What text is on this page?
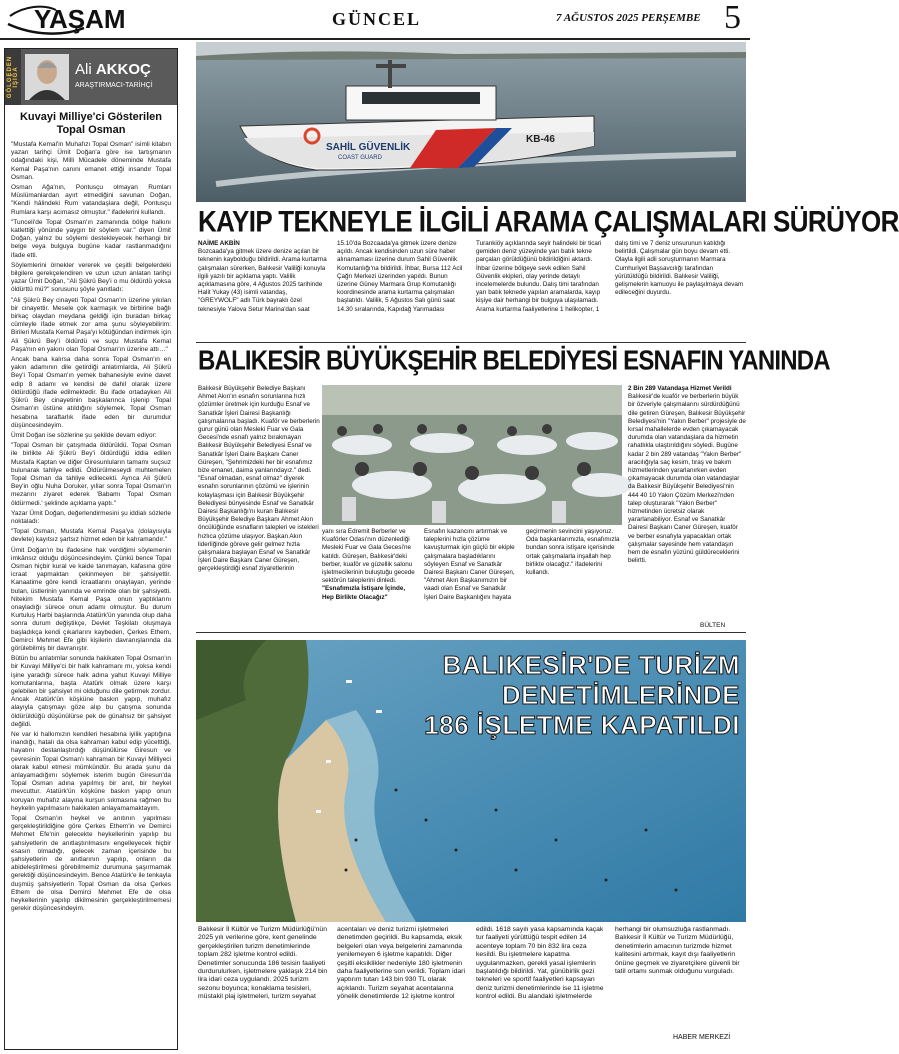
YAŞAM	GÜNCEL	7 AĞUSTOS 2025 PERŞEMBE 5
GÖLGEDEN IŞIĞA	Ali AKKOÇ
ARAŞTIRMACI-TARİHÇİ
Kuvayi Milliye'ci Gösterilen Topal Osman

"Mustafa Kemal'in Muhafızı Topal Osman" isimli kitabın yazarı tarihçi Ümit Doğan'a göre ise tartışmanın odağındaki kişi, Milli Mücadele döneminde Mustafa Kemal Paşa'nın canını emanet ettiği insandır Topal Osman.

Osman Ağa'nın, Pontusçu olmayan Rumları Müslümanlardan ayırt etmediğini savunan Doğan, "Kendi hâlindeki Rum vatandaşlara değil, Pontusçu Rumlara karşı acımasız olmuştur." ifadelerini kullandı.

"Tunceli'de Topal Osman'ın zamanında bölge halkını katlettiği yönünde yaygın bir söylem var." diyen Ümit Doğan, yalnız bu söylemi destekleyecek herhangi bir belge veya bulguya bugüne kadar rastlanmadığını ifade etti.

Söylemlerini örnekler vererek ve çeşitli belgelerdeki bilgilere gerekçelendiren ve uzun uzun anlatan tarihçi yazar Ümit Doğan, "Ali Şükrü Bey'i o mu öldürdü yoksa öldürttü mü?" sorusunu şöyle yanıtladı:

"Ali Şükrü Bey cinayeti Topal Osman'ın üzerine yıkılan bir cinayettir. Mesele çok karmaşık ve birbirine bağlı birkaç olaydan meydana geldiği için buradan birkaç cümleyle ifade etmek zor ama şunu söyleyebilirim: Birileri Mustafa Kemal Paşa'yı kötüğündan indirmek için Ali Şükrü Bey'i öldürdü ve suçu Mustafa Kemal Paşa'nın en yakını olan Topal Osman'ın üzerine attı…"

Ancak bana kalırsa daha sonra Topal Osman'ın en yakın adamının dile getirdiği anlatımlarda, Ali Şükrü Bey'i Topal Osman'ın yemek bahanesiyle evine davet edip 8 adamı ve kendisi de dahil olarak üzere öldürdüğü ifade edilmektedir. Bu ifade ortadayken Ali Şükrü Bey cinayetinin başkalarınca işlenip Topal Osman'ın üstüne atıldığını söylemek, Topal Osman hesabına taraftarlık ifade eden bir durumdur düşüncesindeyim.

Ümit Doğan ise sözlerine şu şekilde devam ediyor:

"Topal Osman bir çatışmada öldürüldü. Topal Osman ile birlikte Ali Şükrü Bey'i öldürdüğü iddia edilen Mustafa Kaptan ve diğer Giresunluların tamamı suçsuz bulunarak tahliye edildi. Öldürülmeseydi muhtemelen Topal Osman da tahliye edilecekti. Ayrıca Ali Şükrü Bey'in oğlu Nuha Doruker, yıllar sonra Topal Osman'ın mezarını ziyaret ederek 'Babamı Topal Osman öldürmedi.' şeklinde açıklama yaptı."

Yazar Ümit Doğan, değerlendirmesini şu iddialı sözlerle noktaladı:

"Topal Osman, Mustafa Kemal Paşa'ya (dolayısıyla devlete) kayıtsız şartsız hizmet eden bir kahramandır."

Ümit Doğan'ın bu ifadesine hak verdiğimi söylemenin imkânsız olduğu düşüncesindeyim. Çünkü bence Topal Osman hiçbir kural ve kaide tanımayan, kafasına göre icraat yapmaktan çekinmeyen bir şahsiyettir. Kanaatime göre kendi icraatlarını onaylayan, yerinde bulan, üstlerinin yanında ve emrinde olan bir şahsiyetti. Nitekim Mustafa Kemal Paşa onun yaptıklarını onayladığı sürece onun adamı olmuştur. Bu durum Kurtuluş Harbi başlarında Atatürk'ün yanında olup daha sonra durum değiştikçe, Devlet Teşkilatı oluşmaya başladıkça kendi çıkarlarını kaybeden, Çerkes Ethem, Demirci Mehmet Efe gibi kişilerin davranışlarında da görülebilmiş bir davranıştır.

Bütün bu anlatımlar sonunda hakikaten Topal Osman'ın bir Kuvayi Milliye'ci bir halk kahramanı mı, yoksa kendi işine yaradığı sürece halk adına yahut Kuvayi Milliye komutanlarına, başta Atatürk olmak üzere karşı gelebilen bir şahsiyet mi olduğunu dile getirmek zordur. Ancak Atatürk'ün köşküne baskın yapıp, muhafız alayıyla çatışmayı göze alıp bu çatışma sonunda öldürüldüğü düşünülürse pek de günahsız bir şahsiyet değildi.

Ne var ki halkımızın kendileri hesabına iyilik yaptığına inandığı, hatalı da olsa kahraman kabul edip yücelttiği, hayatını destanlaştırdığı düşünülürse Giresun ve çevresinin Topal Osman'ı kahraman bir Kuvayi Milliyeci olarak kabul etmesi mümkündür. Bu arada şunu da anlayamadığımı söylemek isterim bugün Giresun'da Topal Osman adına yapılmış bir anıt, bir heykel mevcuttur. Atatürk'ün köşküne baskın yapıp onun koruyan muhafız alayına kurşun sıkmasına rağmen bu heykelin yapılmasını hakikaten anlayamamaktayım.

Topal Osman'ın heykel ve anıtının yapılması gerçekleştirildiğine göre Çerkes Ethem'in ve Demirci Mehmet Efe'nin gelecekte heykellerinin yapılıp bu şahsiyetlerin de anıtlaştırılmasını engelleyecek hiçbir esasın olmadığı, gelecek zaman içerisinde bu şahsiyetlerin de anıtlarının yapılıp, onların da abideleştirilmesi görebilmemiz durumuna şaşırmamak gerektiği düşüncesindeyim. Bence Atatürk'e ile tenkayla duşmüş şahsiyetlerin Topal Osman da olsa Çerkes Ethem de olsa Demirci Mehmet Efe de olsa heykellerinin yapılıp dikilmesinin gerçekleştirilmemesi gerekir düşüncesindeyim.

SAHİL GÜVENLİK
COAST GUARD
KB-46
KAYIP TEKNEYLE İLGİLİ ARAMA ÇALIŞMALARI SÜRÜYOR
NAİME AKBİN
Bozcaada'ya gitmek üzere denize açılan bir teknenin kaybolduğu bildirildi. Arama kurtarma çalışmaları sürerken, Balıkesir Valiliği konuyla ilgili yazılı bir açıklama yaptı. Valilik açıklamasına göre, 4 Ağustos 2025 tarihinde Halit Yukay (43) isimli vatandaş, "GREYWOLF" adlı Türk bayraklı özel teknesiyle Yalova Setur Marina'dan saat 15.10'da Bozcaada'ya gitmek üzere denize açıldı. Ancak kendisinden uzun süre haber alınamaması üzerine durum Sahil Güvenlik Komutanlığı'na bildirildi. İhbar, Bursa 112 Acil Çağrı Merkezi üzerinden yapıldı. Bunun üzerine Güney Marmara Grup Komutanlığı koordinesinde arama kurtarma çalışmaları başlatıldı. Valilik, 5 Ağustos Salı günü saat 14.30 sıralarında, Kapıdağ Yarımadası Turankiöy açıklarında seyir halindeki bir ticari gemiden deniz yüzeyinde yarı batık tekne parçaları görüldüğünü bildirildiğini aktardı. İhbar üzerine bölgeye sevk edilen Sahil Güvenlik ekipleri, olay yerinde detaylı incelemelerde bulundu. Dalış timi tarafından yarı batık teknede yapılan aramalarda, kayıp kişiye dair herhangi bir bulguya ulaşılamadı. Arama kurtarma faaliyetlerine 1 helikopter, 1 dalış timi ve 7 deniz unsurunun katıldığı belirtildi. Çalışmalar gün boyu devam etti. Olayla ilgili adli soruşturmanın Marmara Cumhuriyet Başsavcılığı tarafından yürütüldüğü bildirildi. Balıkesir Valiliği, gelişmelerin kamuoyu ile paylaşılmaya devam edileceğini duyurdu.
BALIKESİR BÜYÜKŞEHİR BELEDİYESİ ESNAFIN YANINDA
Balıkesir Büyükşehir Belediye Başkanı Ahmet Akın'ın esnafın sorunlarına hızlı çözümler üretmek için kurduğu Esnaf ve Sanatkâr İşleri Dairesi Başkanlığı çalışmalarına başladı. Kuaför ve berberlerin gurur günü olan Mesleki Fuar ve Gala Gecesi'nde esnafı yalnız bırakmayan Balıkesir Büyükşehir Belediyesi Esnaf ve Sanatkâr İşleri Daire Başkanı Caner Güreşen, "Şehrimizdeki her bir esnafımız bize emanet, daima yanlarındayız." dedi. "Esnaf olmadan, esnaf olmaz" diyerek esnafın sorunlarının çözümü ve işlerinin kolaylaşması için Balıkesir Büyükşehir Belediyesi bünyesinde Esnaf ve Sanatkâr Dairesi Başkanlığı'nı kuran Balıkesir Büyükşehir Belediye Başkanı Ahmet Akın öncülüğünde esnafların talepleri ve istekleri hızlıca çözüme ulaşıyor. Başkan Akın liderliğinde göreve gelir gelmez hızla çalışmalara başlayan Esnaf ve Sanatkâr İşleri Daire Başkanı Caner Güreşen, gerçekleştirdiği esnaf ziyaretlerinin
yanı sıra Edremit Berberler ve Kuaförler Odası'nın düzenlediği Mesleki Fuar ve Gala Gecesi'ne katıldı. Güreşen, Balıkesir'deki berber, kuaför ve güzellik salonu işletmecilerinin buluştuğu gecede sektörün taleplerini dinledi.
"Esnafımızla İstişare İçinde, Hep Birlikte Olacağız"
Esnafın kazancını artırmak ve taleplerini hızla çözüme kavuşturmak için güçlü bir ekiple çalışmalara başladıklarını söyleyen Esnaf ve Sanatkâr Dairesi Başkanı Caner Güreşen, "Ahmet Akın Başkanımızın bir vaadi olan Esnaf ve Sanatkâr İşleri Daire Başkanlığını hayata geçirmenin sevincini yaşıyoruz. Oda başkanlarımızla, esnafımızla bundan sonra istişare içerisinde ortak çalışmalarla inşallah hep birlikte olacağız." ifadelerini kullandı.
2 Bin 289 Vatandaşa Hizmet Verildi
Balıkesir'de kuaför ve berberlerin büyük bir özveriyle çalışmalarını sürdürdüğünü dile getiren Güreşen, Balıkesir Büyükşehir Belediyesi'nin "Yakın Berber" projesiyle de kırsal mahallelerde evden çıkamayacak durumda olan vatandaşlara da hizmetin rahatlıkla ulaştırıldığını söyledi. Bugüne kadar 2 bin 289 vatandaş "Yakın Berber" aracılığıyla saç kesim, tıraş ve bakım hizmetlerinden yararlanırken evden çıkamayacak durumda olan vatandaşlar da Balıkesir Büyükşehir Belediyesi'nin 444 40 10 Yakın Çözüm Merkezi'nden talep oluşturarak "Yakın Berber" hizmetinden ücretsiz olarak yararlanabiliyor. Esnaf ve Sanatkâr Dairesi Başkanı Caner Güreşen, kuaför ve berber esnafıyla yapacakları ortak çalışmalar sayesinde hem vatandaşın hem de esnafın yüzünü güldüreceklerini belirtti.
BÜLTEN
BALIKESİR'DE TURİZM
DENETİMLERİNDE
186 İŞLETME KAPATILDI
Balıkesir İl Kültür ve Turizm Müdürlüğü'nün 2025 yılı verilerine göre, kent genelinde gerçekleştirilen turizm denetimlerinde toplam 282 işletme kontrol edildi. Denetimler sonucunda 186 tesisin faaliyeti durdurulurken, işletmelere yaklaşık 214 bin lira idari ceza uygulandı. 2025 turizm sezonu boyunca; konaklama tesisleri, müstakil plaj işletmeleri, turizm seyahat acentaları ve deniz turizmi işletmeleri denetimden geçirildi. Bu kapsamda, eksik belgeleri olan veya belgelerini zamanında yenilemeyen 6 işletme kapatıldı. Diğer çeşitli eksiklikler nedeniyle 180 işletmenin daha faaliyetlerine son verildi. Toplam idari yaptırım tutarı 143 bin 930 TL olarak açıklandı. Turizm seyahat acentalarına yönelik denetimlerde 12 işletme kontrol edildi. 1618 sayılı yasa kapsamında kaçak tur faaliyeti yürüttüğü tespit edilen 14 acenteye toplam 70 bin 832 lira ceza kesildi. Bu işletmelere kapatma uygulanmazken, gerekli yasal işlemlerin başlatıldığı bildirildi. Yat, günübirlik gezi tekneleri ve sportif faaliyetleri kapsayan deniz turizmi denetimlerinde ise 11 işletme kontrol edildi. Bu alandaki işletmelerde herhangi bir olumsuzluğa rastlanmadı. Balıkesir İl Kültür ve Turizm Müdürlüğü, denetimlerin amacının turizmde hizmet kalitesini artırmak, kayıt dışı faaliyetlerin önüne geçmek ve ziyaretçilere güvenli bir tatil ortamı sunmak olduğunu vurguladı.
HABER MERKEZİ
